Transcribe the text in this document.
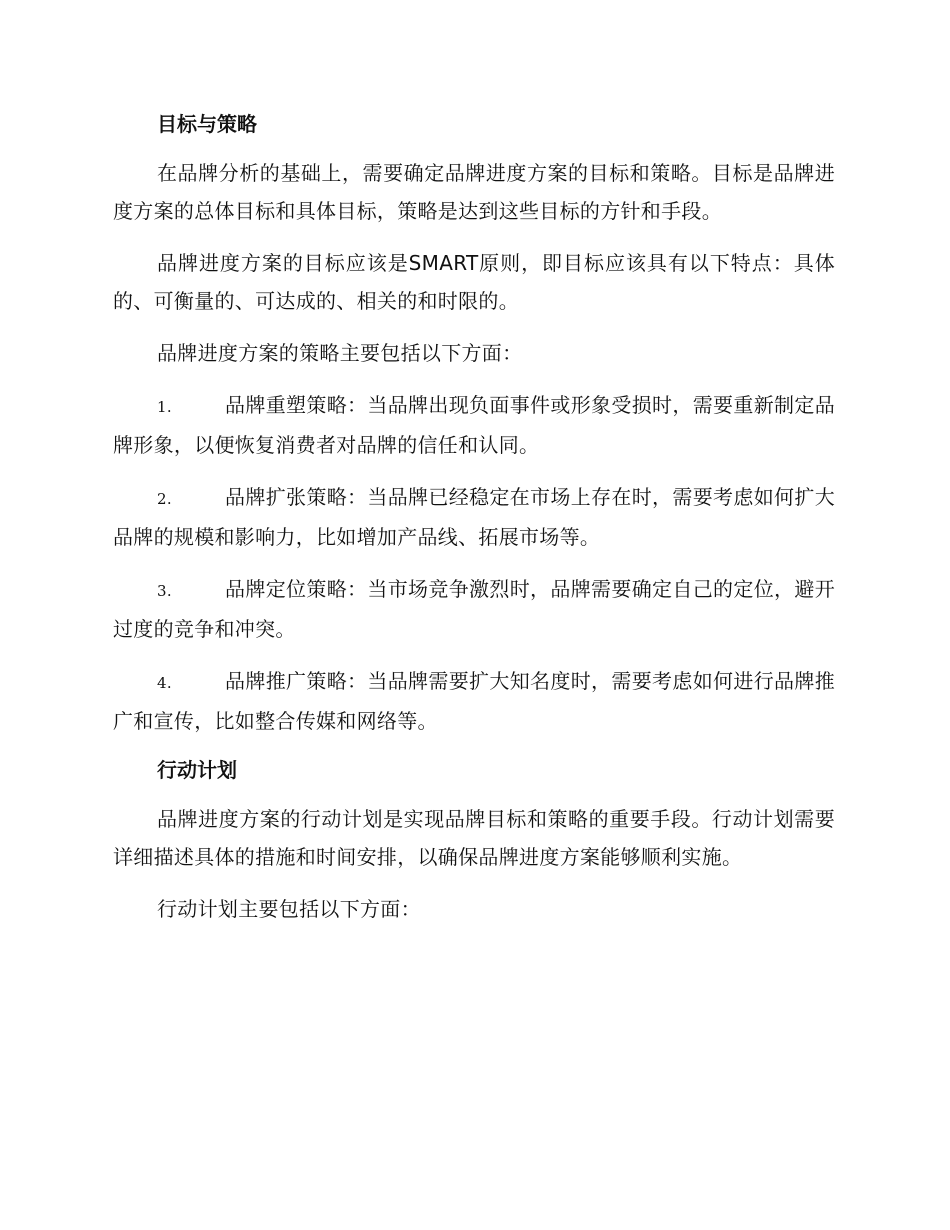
目标与策略

在品牌分析的基础上，需要确定品牌进度方案的目标和策略。目标是品牌进度方案的总体目标和具体目标，策略是达到这些目标的方针和手段。

品牌进度方案的目标应该是SMART原则，即目标应该具有以下特点：具体的、可衡量的、可达成的、相关的和时限的。

品牌进度方案的策略主要包括以下方面：

1.	品牌重塑策略：当品牌出现负面事件或形象受损时，需要重新制定品牌形象，以便恢复消费者对品牌的信任和认同。

2.	品牌扩张策略：当品牌已经稳定在市场上存在时，需要考虑如何扩大品牌的规模和影响力，比如增加产品线、拓展市场等。

3.	品牌定位策略：当市场竞争激烈时，品牌需要确定自己的定位，避开过度的竞争和冲突。

4.	品牌推广策略：当品牌需要扩大知名度时，需要考虑如何进行品牌推广和宣传，比如整合传媒和网络等。

行动计划

品牌进度方案的行动计划是实现品牌目标和策略的重要手段。行动计划需要详细描述具体的措施和时间安排，以确保品牌进度方案能够顺利实施。

行动计划主要包括以下方面：
